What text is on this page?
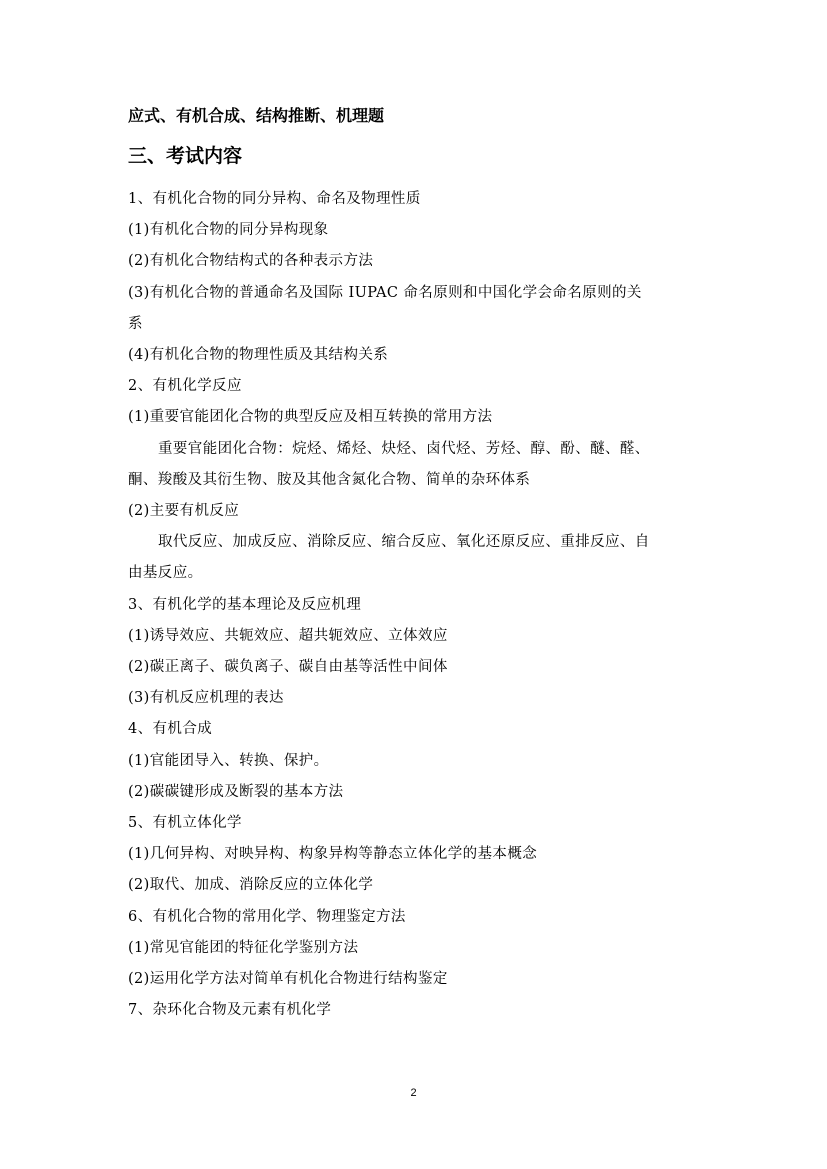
应式、有机合成、结构推断、机理题

三、考试内容

1、有机化合物的同分异构、命名及物理性质

(1)有机化合物的同分异构现象

(2)有机化合物结构式的各种表示方法

(3)有机化合物的普通命名及国际 IUPAC 命名原则和中国化学会命名原则的关

系

(4)有机化合物的物理性质及其结构关系

2、有机化学反应

(1)重要官能团化合物的典型反应及相互转换的常用方法

重要官能团化合物：烷烃、烯烃、炔烃、卤代烃、芳烃、醇、酚、醚、醛、

酮、羧酸及其衍生物、胺及其他含氮化合物、简单的杂环体系

(2)主要有机反应

取代反应、加成反应、消除反应、缩合反应、氧化还原反应、重排反应、自

由基反应。

3、有机化学的基本理论及反应机理

(1)诱导效应、共轭效应、超共轭效应、立体效应

(2)碳正离子、碳负离子、碳自由基等活性中间体

(3)有机反应机理的表达

4、有机合成

(1)官能团导入、转换、保护。

(2)碳碳键形成及断裂的基本方法

5、有机立体化学

(1)几何异构、对映异构、构象异构等静态立体化学的基本概念

(2)取代、加成、消除反应的立体化学

6、有机化合物的常用化学、物理鉴定方法

(1)常见官能团的特征化学鉴别方法

(2)运用化学方法对简单有机化合物进行结构鉴定

7、杂环化合物及元素有机化学

2
